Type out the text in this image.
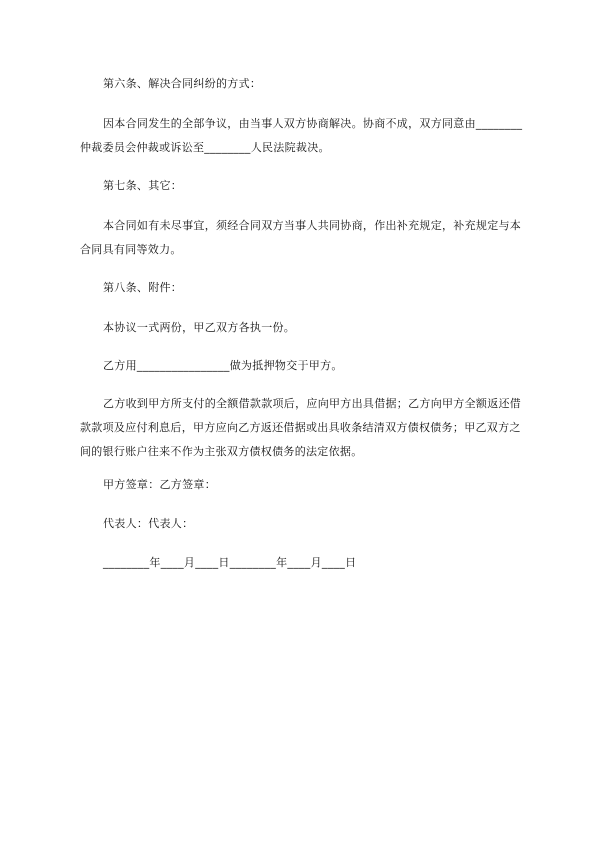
第六条、解决合同纠纷的方式：
因本合同发生的全部争议，由当事人双方协商解决。协商不成，双方同意由________仲裁委员会仲裁或诉讼至________人民法院裁决。
第七条、其它：
本合同如有未尽事宜，须经合同双方当事人共同协商，作出补充规定，补充规定与本合同具有同等效力。
第八条、附件：
本协议一式两份，甲乙双方各执一份。
乙方用________________做为抵押物交于甲方。
乙方收到甲方所支付的全额借款款项后，应向甲方出具借据；乙方向甲方全额返还借款款项及应付利息后，甲方应向乙方返还借据或出具收条结清双方债权债务；甲乙双方之间的银行账户往来不作为主张双方债权债务的法定依据。
甲方签章：乙方签章：
代表人：代表人：
________年____月____日________年____月____日
